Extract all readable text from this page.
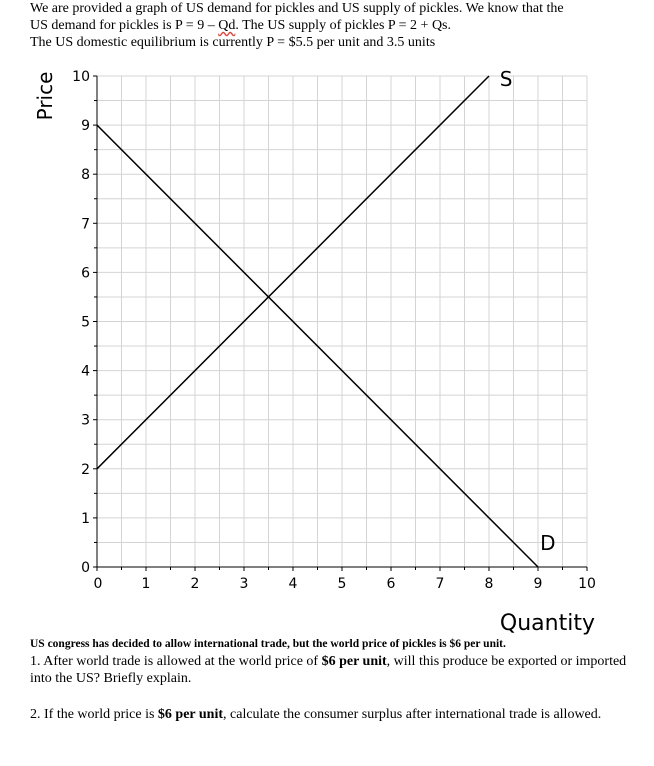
We are provided a graph of US demand for pickles and US supply of pickles. We know that the

US demand for pickles is P = 9 – Qd. The US supply of pickles P = 2 + Qs.

The US domestic equilibrium is currently P = $5.5 per unit and 3.5 units

0	1	2	3	4	5	6	7	8	9	10
0
1
2
3
4
5
6
7
8
9
10
D
S
Quantity
Price
US congress has decided to allow international trade, but the world price of pickles is $6 per unit.

1. After world trade is allowed at the world price of $6 per unit, will this produce be exported or imported into the US? Briefly explain.

2. If the world price is $6 per unit, calculate the consumer surplus after international trade is allowed.
